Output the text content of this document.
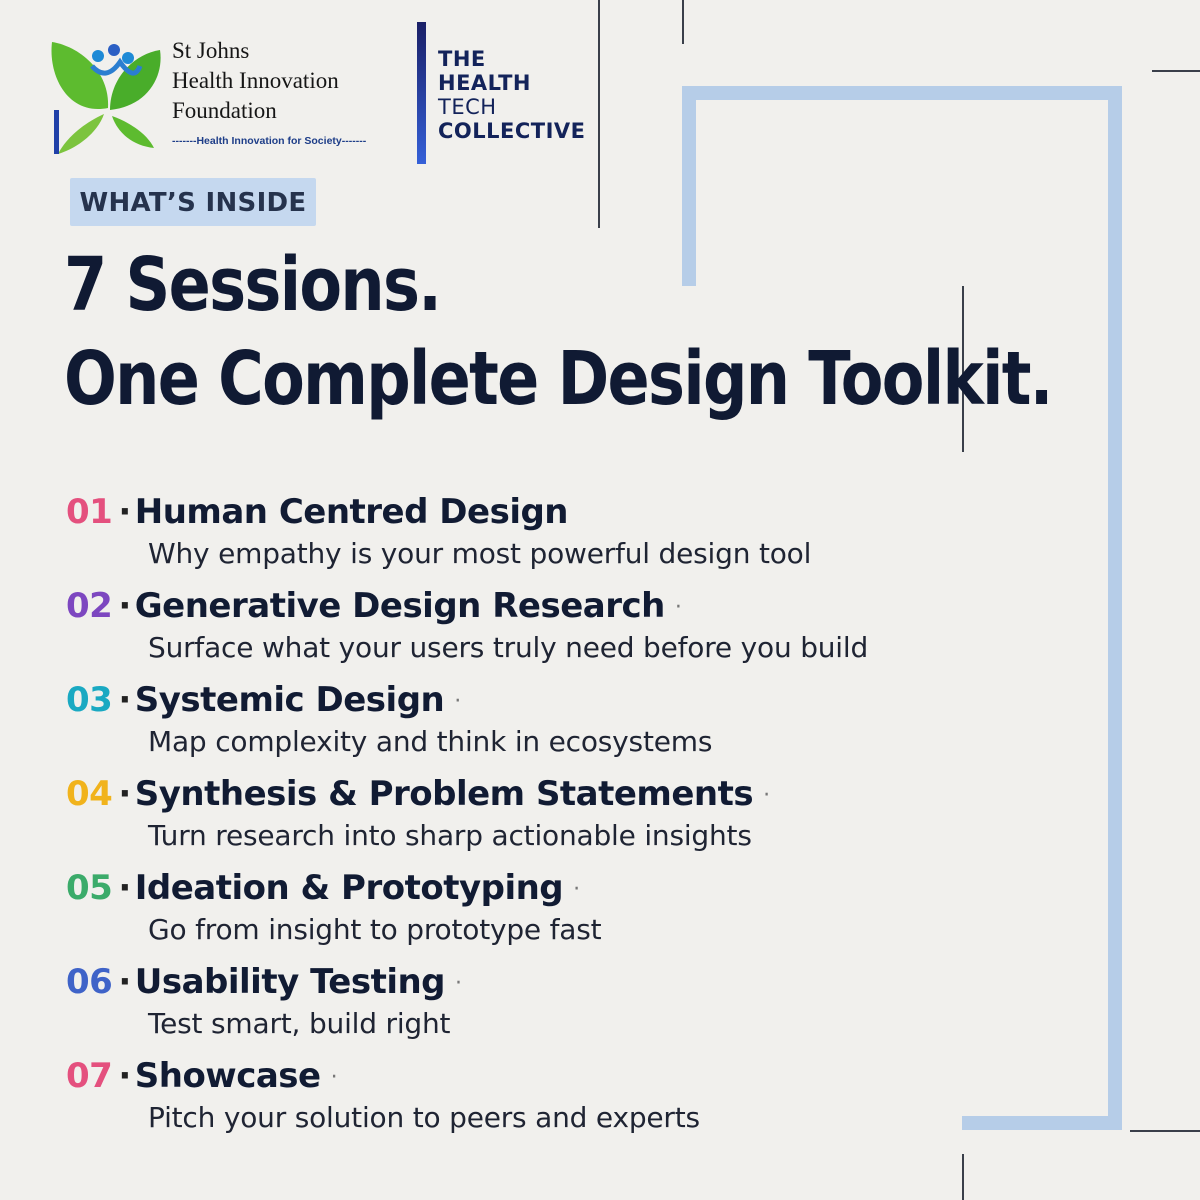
St Johns
Health Innovation
Foundation
-------Health Innovation for Society-------
THE
HEALTH
TECH
COLLECTIVE
WHAT’S INSIDE
7 Sessions.
One Complete Design Toolkit.
01 · Human Centred Design
Why empathy is your most powerful design tool
02 · Generative Design Research ·
Surface what your users truly need before you build
03 · Systemic Design ·
Map complexity and think in ecosystems
04 · Synthesis & Problem Statements ·
Turn research into sharp actionable insights
05 · Ideation & Prototyping ·
Go from insight to prototype fast
06 · Usability Testing ·
Test smart, build right
07 · Showcase ·
Pitch your solution to peers and experts
